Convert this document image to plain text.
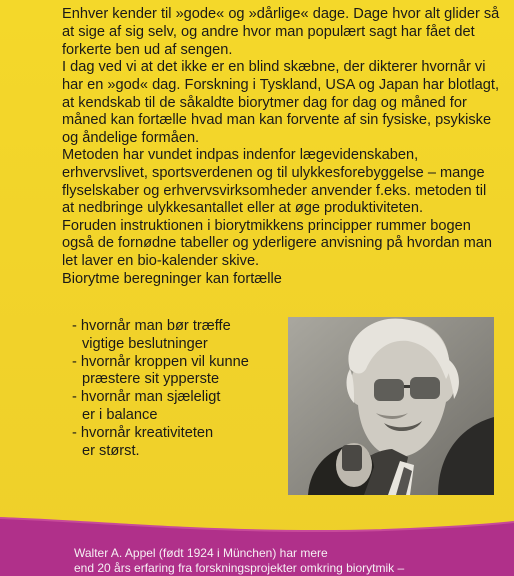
Enhver kender til »gode« og »dårlige« dage. Dage hvor alt glider så at sige af sig selv, og andre hvor man populært sagt har fået det forkerte ben ud af sengen.

I dag ved vi at det ikke er en blind skæbne, der dikterer hvornår vi har en »god« dag. Forskning i Tyskland, USA og Japan har blotlagt, at kendskab til de såkaldte biorytmer dag for dag og måned for måned kan fortælle hvad man kan forvente af sin fysiske, psykiske og åndelige formåen.

Metoden har vundet indpas indenfor lægevidenskaben, erhvervslivet, sportsverdenen og til ulykkesforebyggelse – mange flyselskaber og erhvervsvirksomheder anvender f.eks. metoden til at nedbringe ulykkesantallet eller at øge produktiviteten.

Foruden instruktionen i biorytmikkens principper rummer bogen også de fornødne tabeller og yderligere anvisning på hvordan man let laver en bio-kalender skive.

Biorytme beregninger kan fortælle

- hvornår man bør træffe
vigtige beslutninger
- hvornår kroppen vil kunne
præstere sit ypperste
- hvornår man sjæleligt
er i balance
- hvornår kreativiteten
er størst.

Walter A. Appel (født 1924 i München) har mere

end 20 års erfaring fra forskningsprojekter omkring biorytmik –
